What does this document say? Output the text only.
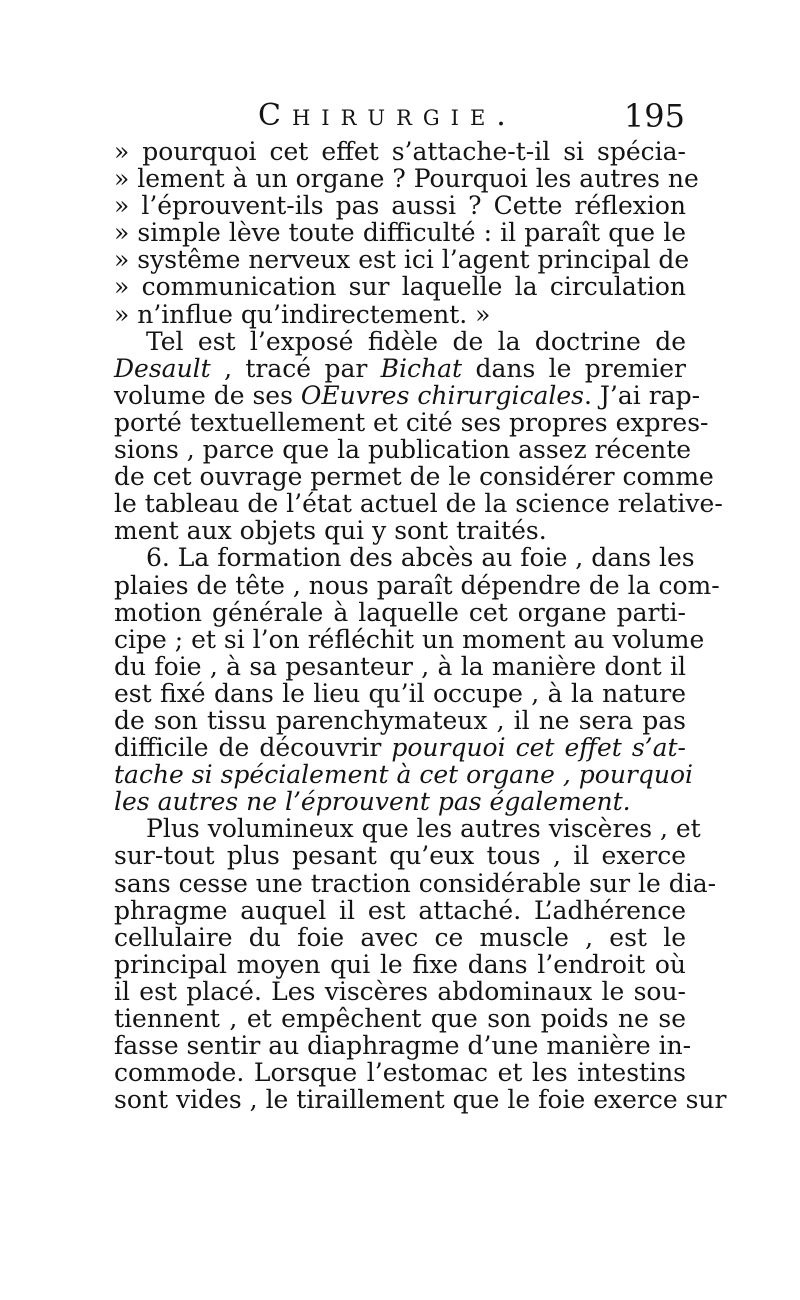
Chirurgie.	195
» pourquoi cet effet s’attache-t-il si spécia-
» lement à un organe ? Pourquoi les autres ne
» l’éprouvent-ils pas aussi ? Cette réflexion
» simple lève toute difficulté : il paraît que le
» systême nerveux est ici l’agent principal de
» communication sur laquelle la circulation
» n’influe qu’indirectement. »
Tel est l’exposé fidèle de la doctrine de
Desault , tracé par Bichat dans le premier
volume de ses OEuvres chirurgicales. J’ai rap-
porté textuellement et cité ses propres expres-
sions , parce que la publication assez récente
de cet ouvrage permet de le considérer comme
le tableau de l’état actuel de la science relative-
ment aux objets qui y sont traités.
6. La formation des abcès au foie , dans les
plaies de tête , nous paraît dépendre de la com-
motion générale à laquelle cet organe parti-
cipe ; et si l’on réfléchit un moment au volume
du foie , à sa pesanteur , à la manière dont il
est fixé dans le lieu qu’il occupe , à la nature
de son tissu parenchymateux , il ne sera pas
difficile de découvrir pourquoi cet effet s’at-
tache si spécialement à cet organe , pourquoi
les autres ne l’éprouvent pas également.
Plus volumineux que les autres viscères , et
sur-tout plus pesant qu’eux tous , il exerce
sans cesse une traction considérable sur le dia-
phragme auquel il est attaché. L’adhérence
cellulaire du foie avec ce muscle , est le
principal moyen qui le fixe dans l’endroit où
il est placé. Les viscères abdominaux le sou-
tiennent , et empêchent que son poids ne se
fasse sentir au diaphragme d’une manière in-
commode. Lorsque l’estomac et les intestins
sont vides , le tiraillement que le foie exerce sur
